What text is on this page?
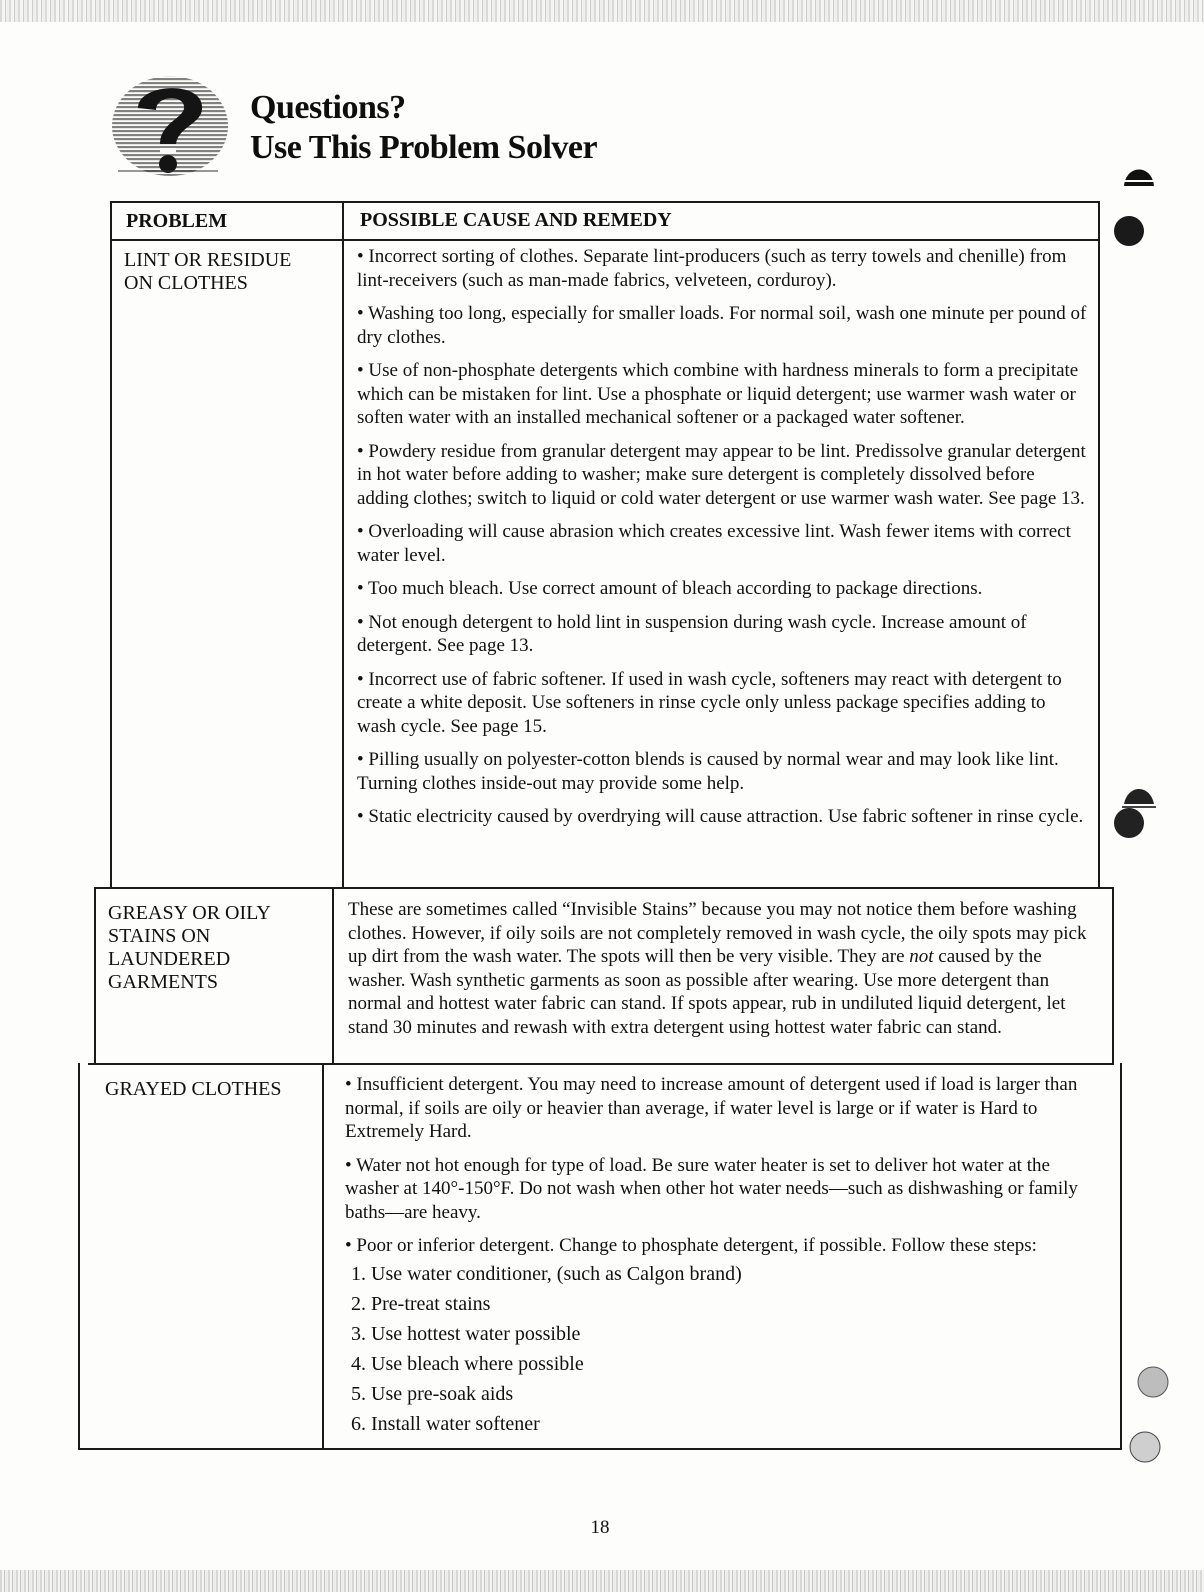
Questions?
Use This Problem Solver
PROBLEM	POSSIBLE CAUSE AND REMEDY
LINT OR RESIDUE
ON CLOTHES

• Incorrect sorting of clothes. Separate lint-producers (such as terry towels and chenille) from lint-receivers (such as man-made fabrics, velveteen, corduroy).

• Washing too long, especially for smaller loads. For normal soil, wash one minute per pound of dry clothes.

• Use of non-phosphate detergents which combine with hardness minerals to form a precipitate which can be mistaken for lint. Use a phosphate or liquid detergent; use warmer wash water or soften water with an installed mechanical softener or a packaged water softener.

• Powdery residue from granular detergent may appear to be lint. Predissolve granular detergent in hot water before adding to washer; make sure detergent is completely dissolved before adding clothes; switch to liquid or cold water detergent or use warmer wash water. See page 13.

• Overloading will cause abrasion which creates excessive lint. Wash fewer items with correct water level.

• Too much bleach. Use correct amount of bleach according to package directions.

• Not enough detergent to hold lint in suspension during wash cycle. Increase amount of detergent. See page 13.

• Incorrect use of fabric softener. If used in wash cycle, softeners may react with detergent to create a white deposit. Use softeners in rinse cycle only unless package specifies adding to wash cycle. See page 15.

• Pilling usually on polyester-cotton blends is caused by normal wear and may look like lint. Turning clothes inside-out may provide some help.

• Static electricity caused by overdrying will cause attraction. Use fabric softener in rinse cycle.

GREASY OR OILY
STAINS ON
LAUNDERED
GARMENTS

These are sometimes called “Invisible Stains” because you may not notice them before washing clothes. However, if oily soils are not completely removed in wash cycle, the oily spots may pick up dirt from the wash water. The spots will then be very visible. They are not caused by the washer. Wash synthetic garments as soon as possible after wearing. Use more detergent than normal and hottest water fabric can stand. If spots appear, rub in undiluted liquid detergent, let stand 30 minutes and rewash with extra detergent using hottest water fabric can stand.

GRAYED CLOTHES	• Insufficient detergent. You may need to increase amount of detergent used if load is larger than normal, if soils are oily or heavier than average, if water level is large or if water is Hard to Extremely Hard.

• Water not hot enough for type of load. Be sure water heater is set to deliver hot water at the washer at 140°-150°F. Do not wash when other hot water needs—such as dishwashing or family baths—are heavy.

• Poor or inferior detergent. Change to phosphate detergent, if possible. Follow these steps:

1. Use water conditioner, (such as Calgon brand)
2. Pre-treat stains
3. Use hottest water possible
4. Use bleach where possible
5. Use pre-soak aids
6. Install water softener
18
